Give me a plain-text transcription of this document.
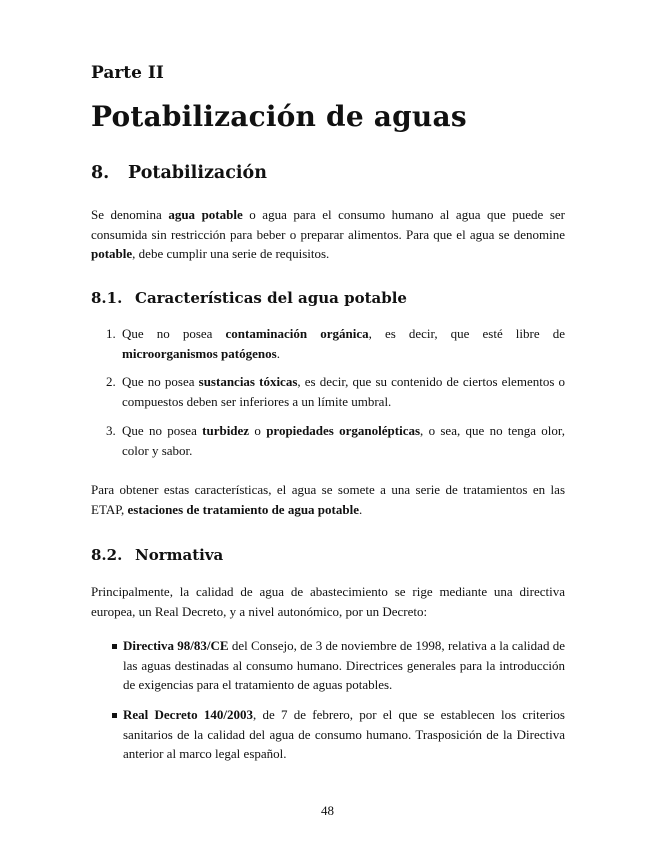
Parte II
Potabilización de aguas
8. Potabilización

Se denomina agua potable o agua para el consumo humano al agua que puede ser consumida sin restricción para beber o preparar alimentos. Para que el agua se denomine potable, debe cumplir una serie de requisitos.

8.1. Características del agua potable
1. Que no posea contaminación orgánica, es decir, que esté libre de microorganismos patógenos.
2. Que no posea sustancias tóxicas, es decir, que su contenido de ciertos elementos o compuestos deben ser inferiores a un límite umbral.
3. Que no posea turbidez o propiedades organolépticas, o sea, que no tenga olor, color y sabor.

Para obtener estas características, el agua se somete a una serie de tratamientos en las ETAP, estaciones de tratamiento de agua potable.

8.2. Normativa

Principalmente, la calidad de agua de abastecimiento se rige mediante una directiva europea, un Real Decreto, y a nivel autonómico, por un Decreto:

Directiva 98/83/CE del Consejo, de 3 de noviembre de 1998, relativa a la calidad de las aguas destinadas al consumo humano. Directrices generales para la introducción de exigencias para el tratamiento de aguas potables.
Real Decreto 140/2003, de 7 de febrero, por el que se establecen los criterios sanitarios de la calidad del agua de consumo humano. Trasposición de la Directiva anterior al marco legal español.
48
